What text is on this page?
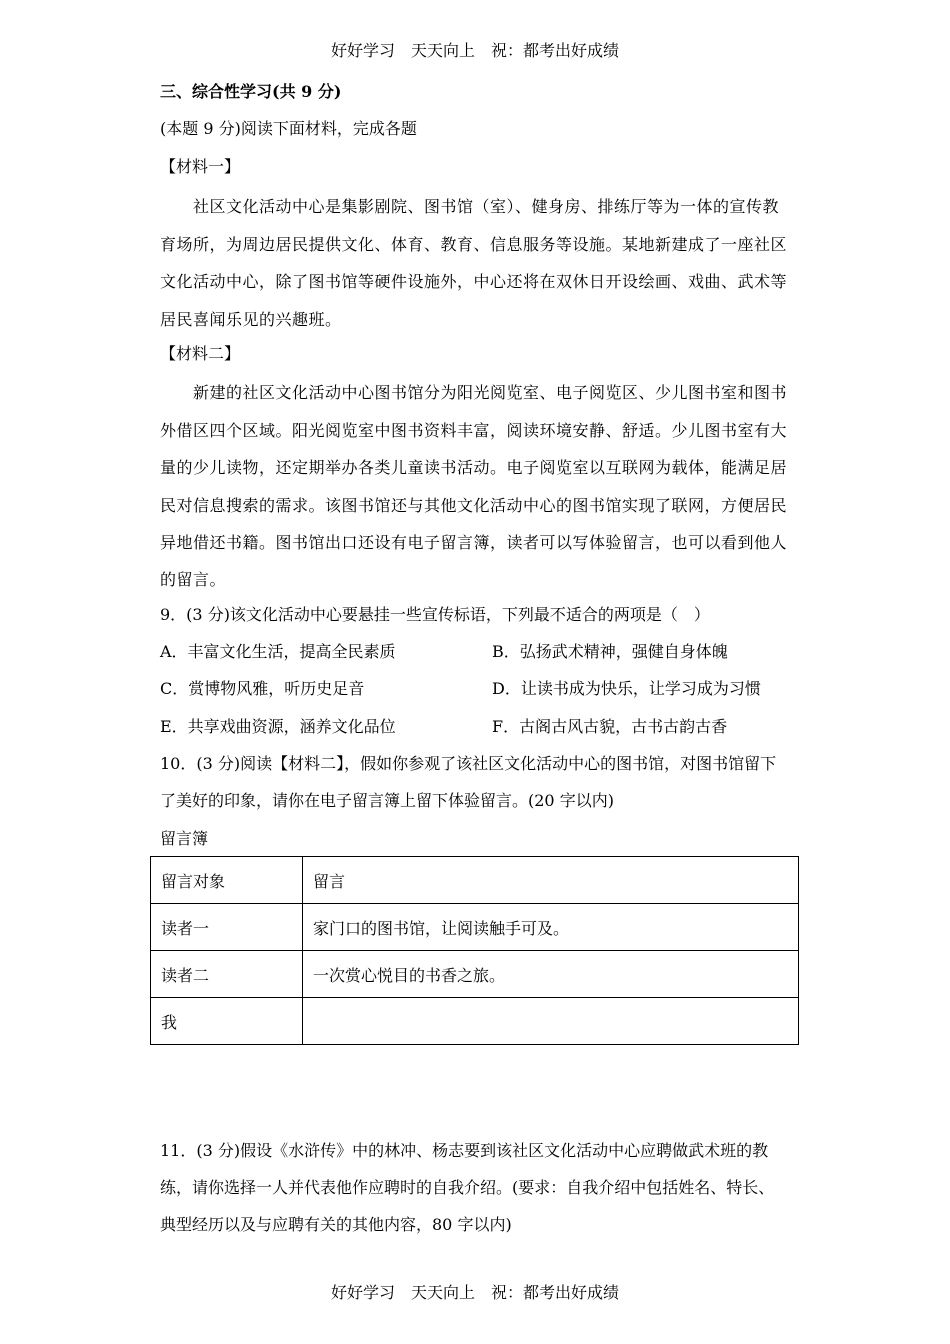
好好学习　天天向上　祝：都考出好成绩
三、综合性学习(共 9 分)
(本题 9 分)阅读下面材料，完成各题
【材料一】
社区文化活动中心是集影剧院、图书馆（室）、健身房、排练厅等为一体的宣传教
育场所，为周边居民提供文化、体育、教育、信息服务等设施。某地新建成了一座社区
文化活动中心，除了图书馆等硬件设施外，中心还将在双休日开设绘画、戏曲、武术等
居民喜闻乐见的兴趣班。
【材料二】
新建的社区文化活动中心图书馆分为阳光阅览室、电子阅览区、少儿图书室和图书
外借区四个区域。阳光阅览室中图书资料丰富，阅读环境安静、舒适。少儿图书室有大
量的少儿读物，还定期举办各类儿童读书活动。电子阅览室以互联网为载体，能满足居
民对信息搜索的需求。该图书馆还与其他文化活动中心的图书馆实现了联网，方便居民
异地借还书籍。图书馆出口还设有电子留言簿，读者可以写体验留言，也可以看到他人
的留言。
9．(3 分)该文化活动中心要悬挂一些宣传标语，下列最不适合的两项是（　）
A．丰富文化生活，提高全民素质	B．弘扬武术精神，强健自身体魄
C．赏博物风雅，听历史足音	D．让读书成为快乐，让学习成为习惯
E．共享戏曲资源，涵养文化品位	F．古阁古风古貌，古书古韵古香
10．(3 分)阅读【材料二】，假如你参观了该社区文化活动中心的图书馆，对图书馆留下
了美好的印象，请你在电子留言簿上留下体验留言。(20 字以内)
留言簿
留言对象	留言
读者一	家门口的图书馆，让阅读触手可及。
读者二	一次赏心悦目的书香之旅。
我	
11．(3 分)假设《水浒传》中的林冲、杨志要到该社区文化活动中心应聘做武术班的教
练，请你选择一人并代表他作应聘时的自我介绍。(要求：自我介绍中包括姓名、特长、
典型经历以及与应聘有关的其他内容，80 字以内)
好好学习　天天向上　祝：都考出好成绩
